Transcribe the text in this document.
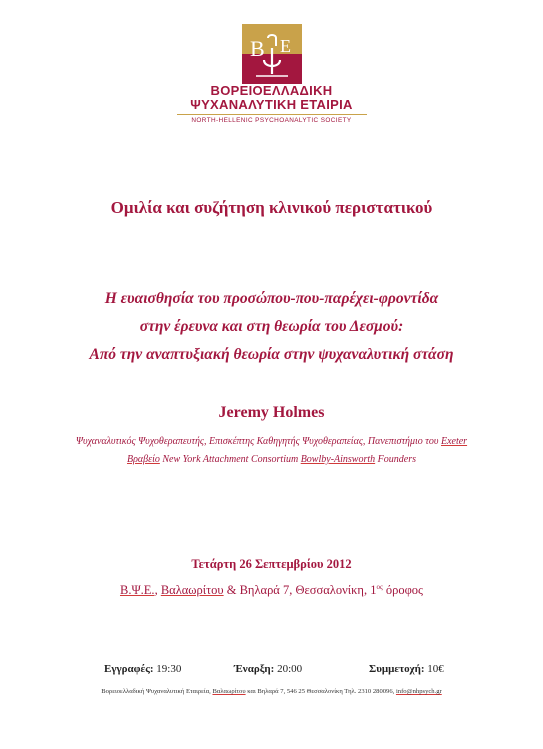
B E
ΒΟΡΕΙΟΕΛΛΑΔΙΚΗ
ΨΥΧΑΝΑΛΥΤΙΚΗ ΕΤΑΙΡΙΑ
NORTH-HELLENIC PSYCHOANALYTIC SOCIETY
Ομιλία και συζήτηση κλινικού περιστατικού
Η ευαισθησία του προσώπου-που-παρέχει-φροντίδα
στην έρευνα και στη θεωρία του Δεσμού:
Από την αναπτυξιακή θεωρία στην ψυχαναλυτική στάση
Jeremy Holmes
Ψυχαναλυτικός Ψυχοθεραπευτής, Επισκέπτης Καθηγητής Ψυχοθεραπείας, Πανεπιστήμιο του Exeter
Βραβείο New York Attachment Consortium Bowlby-Ainsworth Founders
Τετάρτη 26 Σεπτεμβρίου 2012
Β.Ψ.Ε., Βαλαωρίτου & Βηλαρά 7, Θεσσαλονίκη, $1^{o\varsigma}$ όροφος
Εγγραφές: 19:30	Έναρξη: 20:00	Συμμετοχή: 10€
Βορειοελλαδική Ψυχαναλυτική Εταιρεία, Βαλαωρίτου και Βηλαρά 7, 546 25 Θεσσαλονίκη Τηλ. 2310 280096, info@nhpsych.gr
